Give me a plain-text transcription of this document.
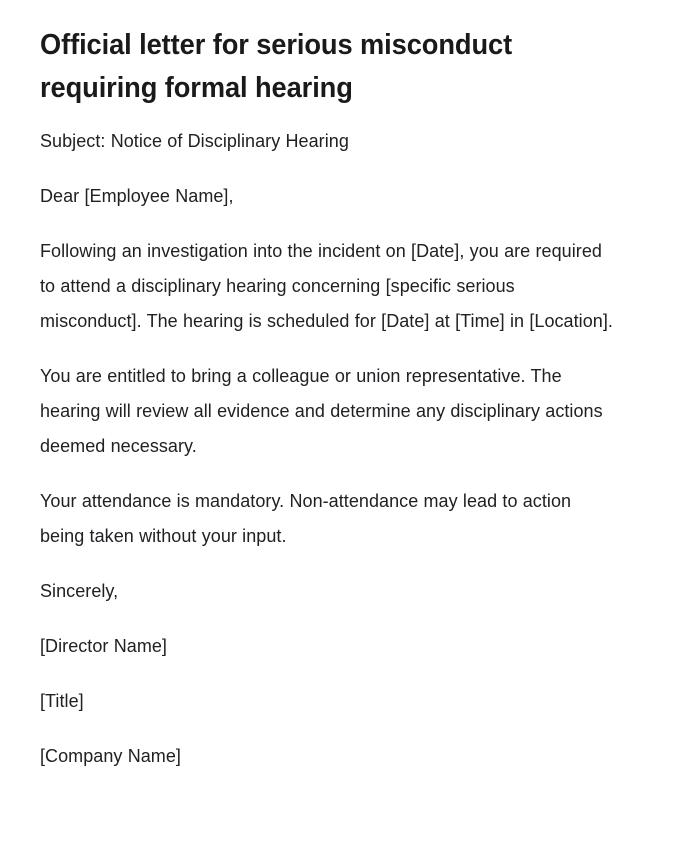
Official letter for serious misconduct requiring formal hearing

Subject: Notice of Disciplinary Hearing

Dear [Employee Name],

Following an investigation into the incident on [Date], you are required to attend a disciplinary hearing concerning [specific serious misconduct]. The hearing is scheduled for [Date] at [Time] in [Location].

You are entitled to bring a colleague or union representative. The hearing will review all evidence and determine any disciplinary actions deemed necessary.

Your attendance is mandatory. Non-attendance may lead to action being taken without your input.

Sincerely,

[Director Name]

[Title]

[Company Name]
